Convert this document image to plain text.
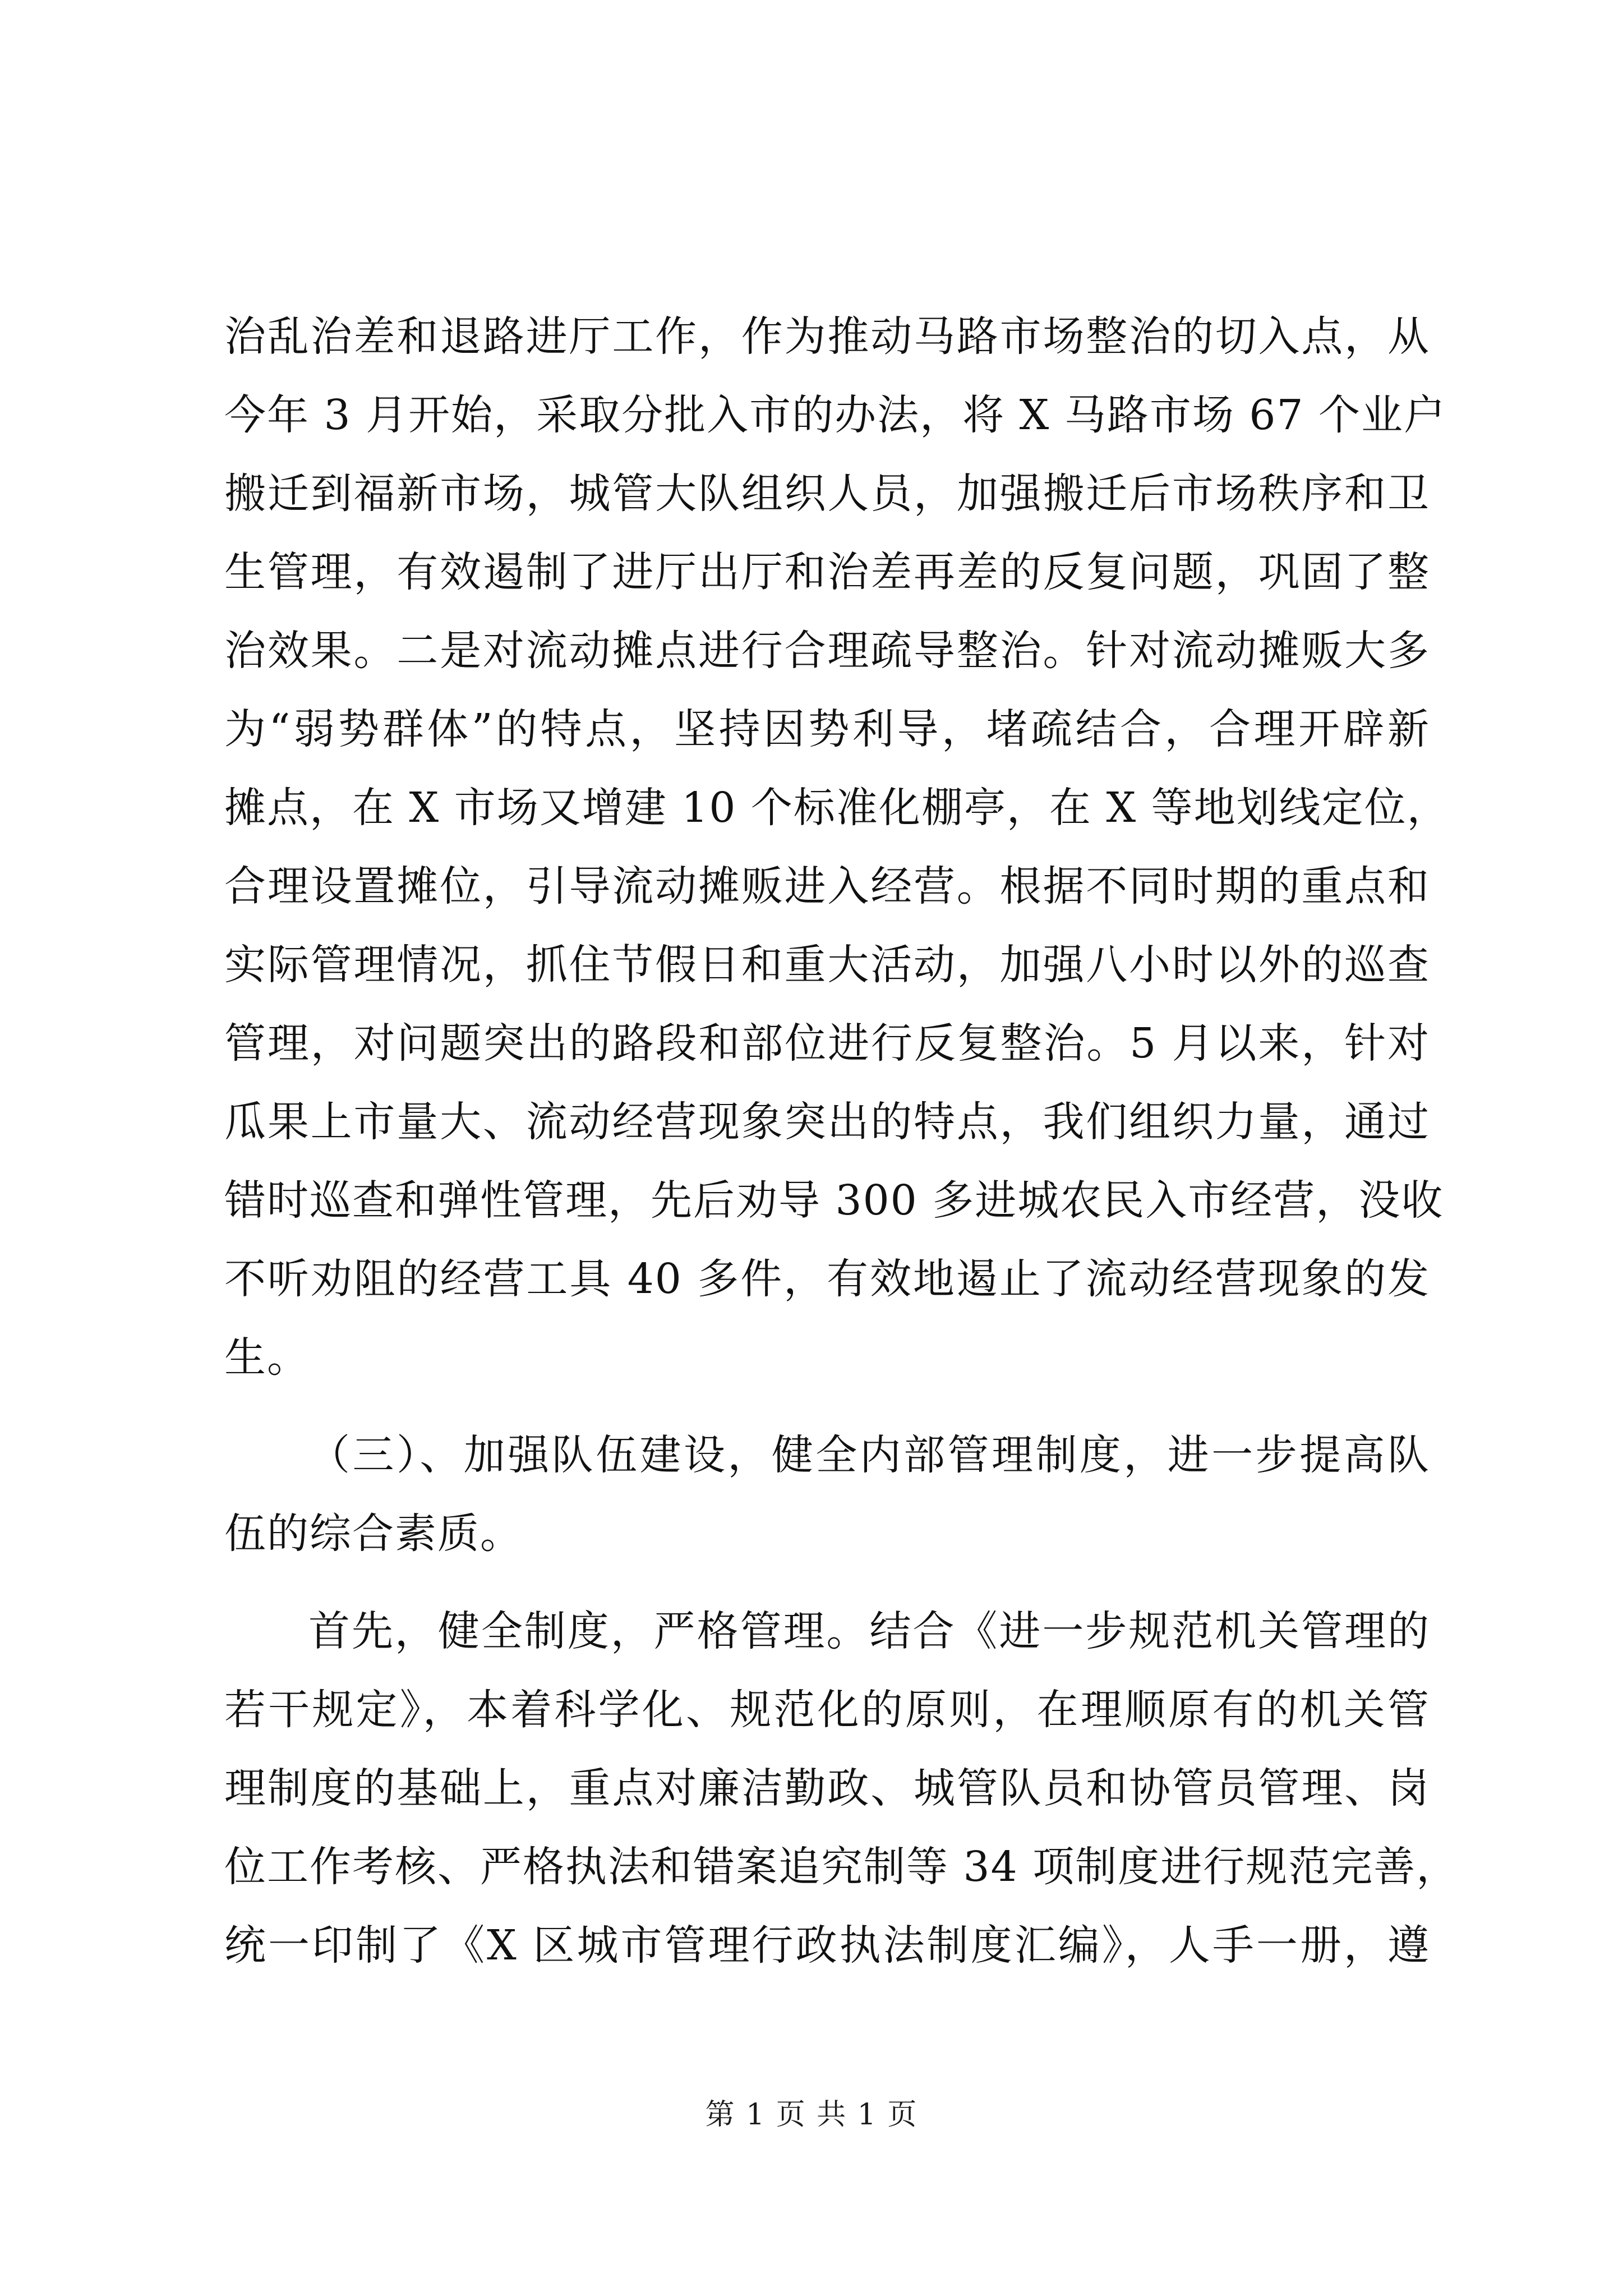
治乱治差和退路进厅工作，作为推动马路市场整治的切入点，从
今年 3 月开始，采取分批入市的办法，将 X 马路市场 67 个业户
搬迁到福新市场，城管大队组织人员，加强搬迁后市场秩序和卫
生管理，有效遏制了进厅出厅和治差再差的反复问题，巩固了整
治效果。二是对流动摊点进行合理疏导整治。针对流动摊贩大多
为“弱势群体”的特点，坚持因势利导，堵疏结合，合理开辟新
摊点，在 X 市场又增建 10 个标准化棚亭，在 X 等地划线定位，
合理设置摊位，引导流动摊贩进入经营。根据不同时期的重点和
实际管理情况，抓住节假日和重大活动，加强八小时以外的巡查
管理，对问题突出的路段和部位进行反复整治。5 月以来，针对
瓜果上市量大、流动经营现象突出的特点，我们组织力量，通过
错时巡查和弹性管理，先后劝导 300 多进城农民入市经营，没收
不听劝阻的经营工具 40 多件，有效地遏止了流动经营现象的发
生。
（三）、加强队伍建设，健全内部管理制度，进一步提高队
伍的综合素质。
首先，健全制度，严格管理。结合《进一步规范机关管理的
若干规定》，本着科学化、规范化的原则，在理顺原有的机关管
理制度的基础上，重点对廉洁勤政、城管队员和协管员管理、岗
位工作考核、严格执法和错案追究制等 34 项制度进行规范完善，
统一印制了《X 区城市管理行政执法制度汇编》，人手一册，遵
第 1 页 共 1 页
